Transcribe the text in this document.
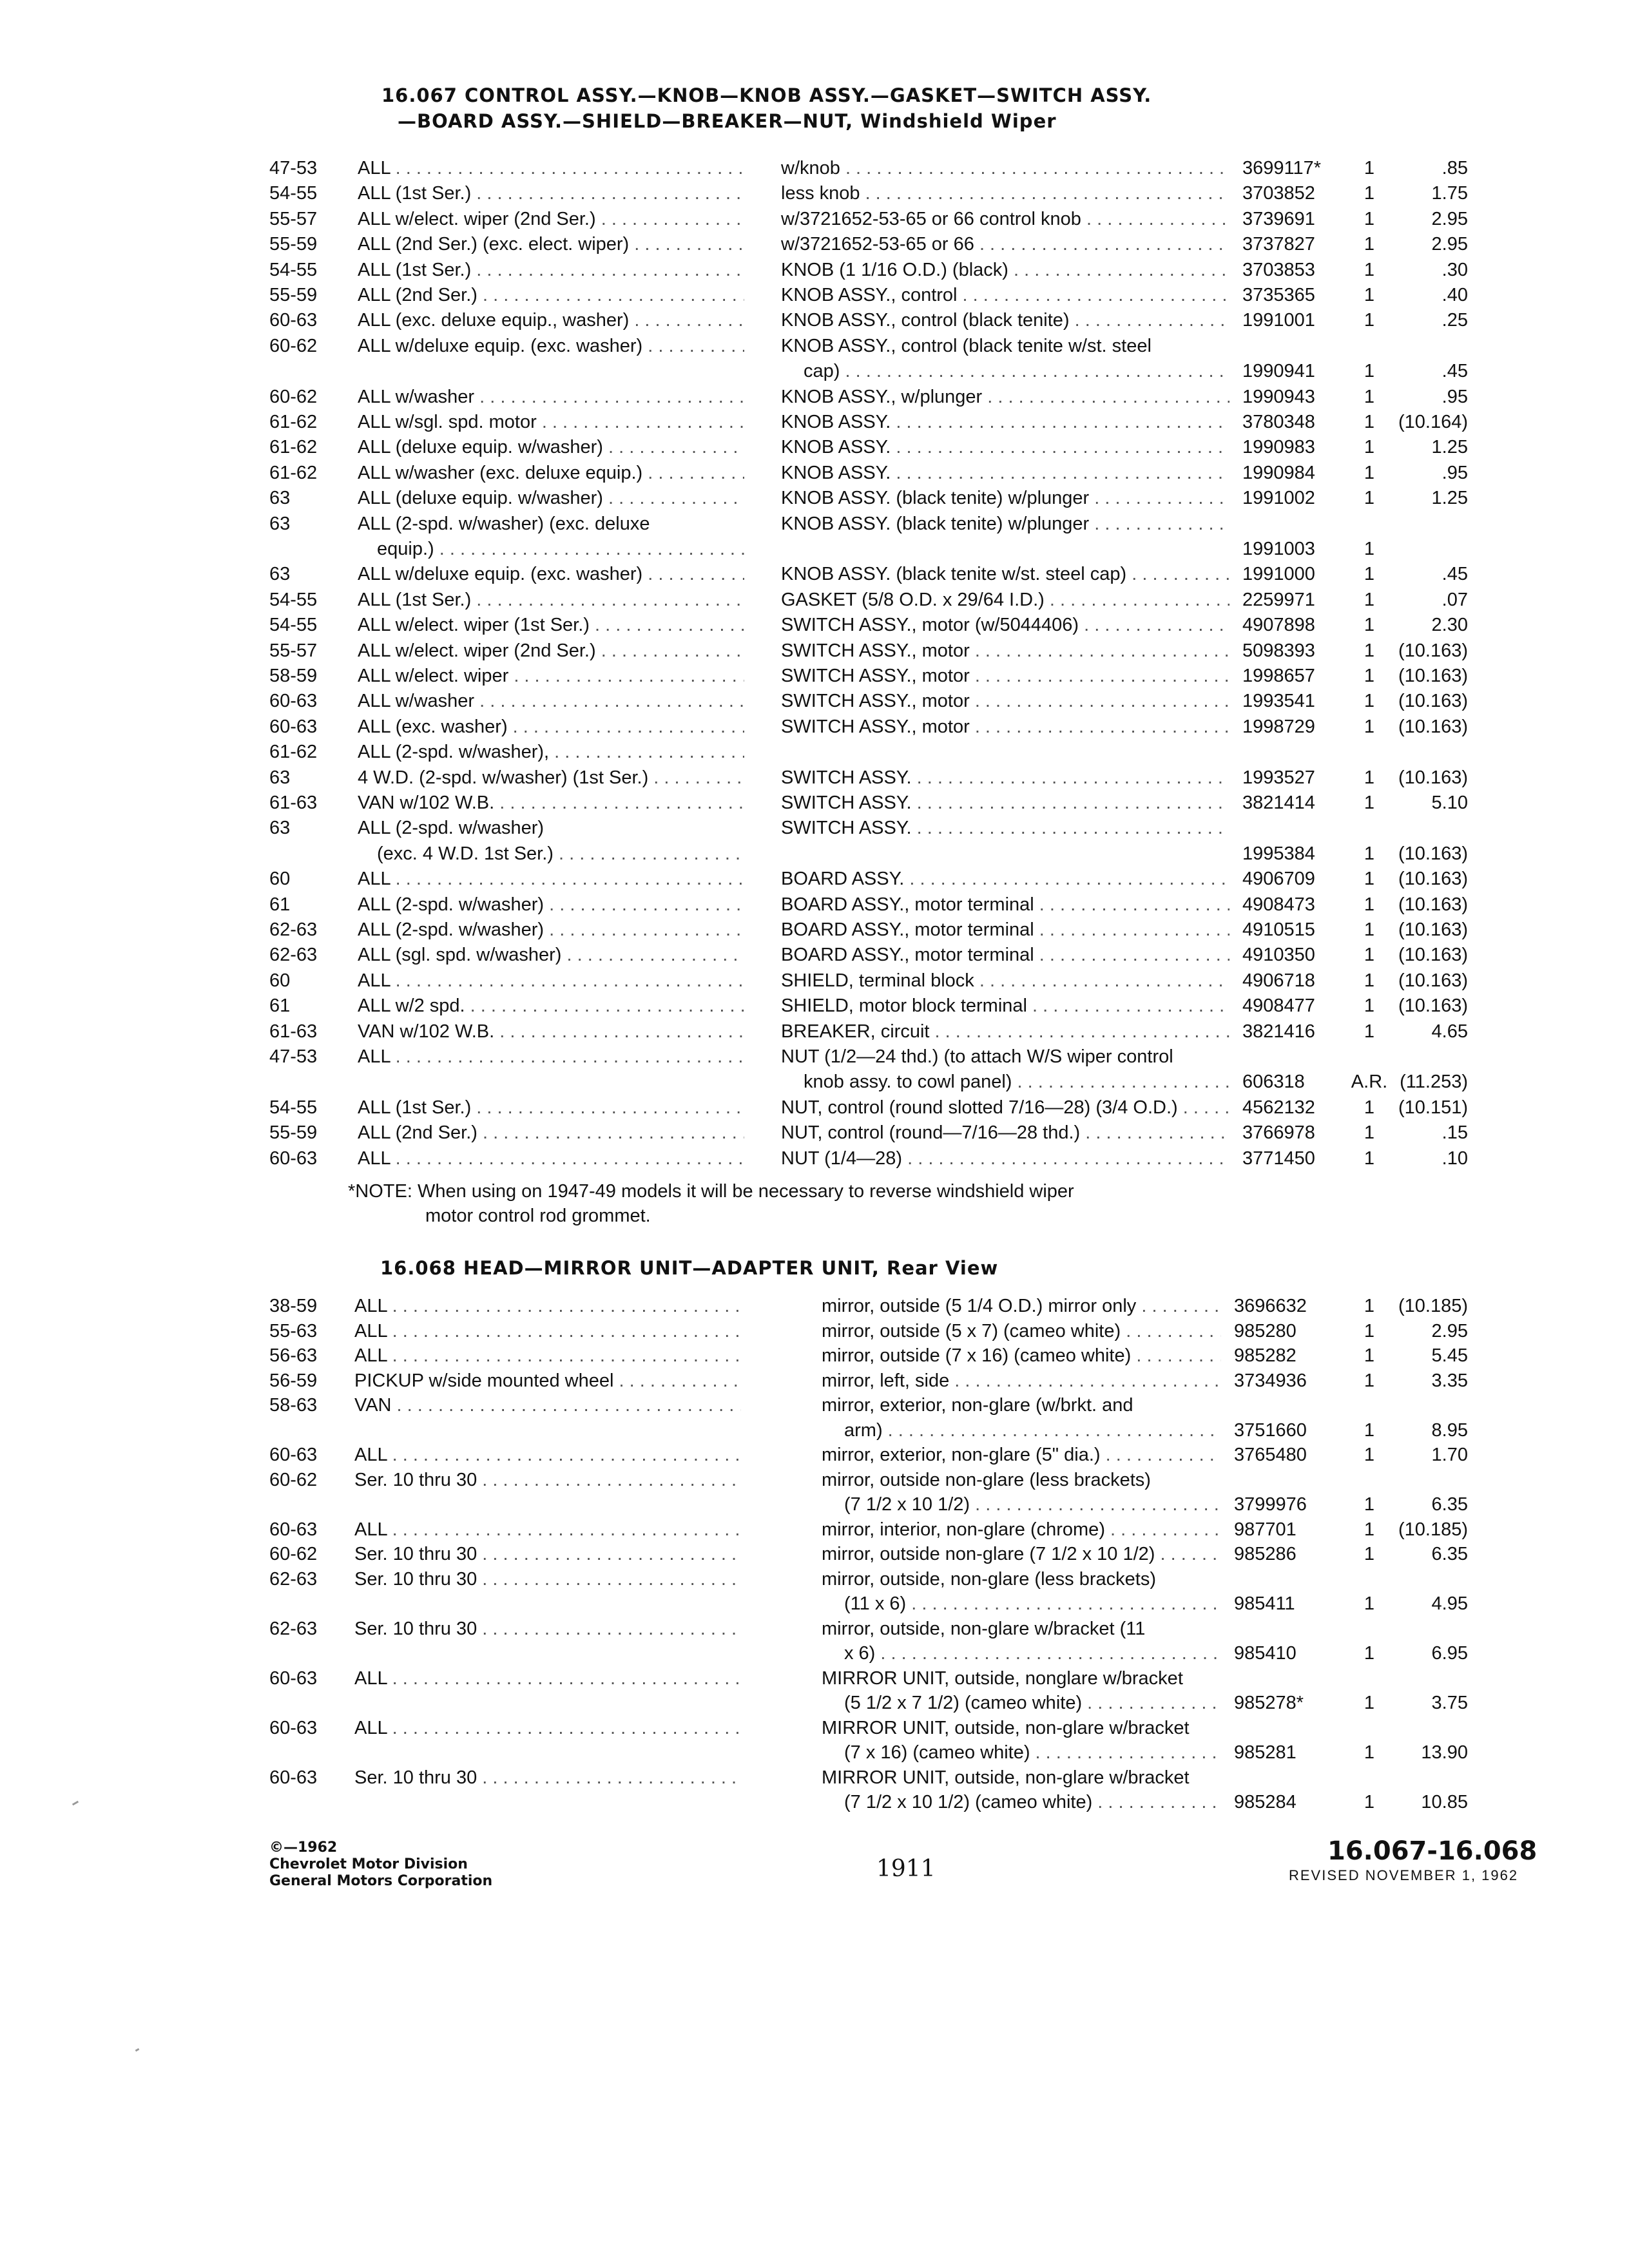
16.067 CONTROL ASSY.—KNOB—KNOB ASSY.—GASKET—SWITCH ASSY.
—BOARD ASSY.—SHIELD—BREAKER—NUT, Windshield Wiper
47-53	ALL . . .	w/knob . . .	3699117*	1	.85
54-55	ALL (1st Ser.) . . .	less knob . . .	3703852	1	1.75
55-57	ALL w/elect. wiper (2nd Ser.) . . .	w/3721652-53-65 or 66 control knob . . .	3739691	1	2.95
55-59	ALL (2nd Ser.) (exc. elect. wiper) . . .	w/3721652-53-65 or 66 . . .	3737827	1	2.95
54-55	ALL (1st Ser.) . . .	KNOB (1 1/16 O.D.) (black) . . .	3703853	1	.30
55-59	ALL (2nd Ser.) . . .	KNOB ASSY., control . . .	3735365	1	.40
60-63	ALL (exc. deluxe equip., washer) . . .	KNOB ASSY., control (black tenite) . . .	1991001	1	.25
60-62	ALL w/deluxe equip. (exc. washer) . . .	KNOB ASSY., control (black tenite w/st. steel
cap) . . .	1990941	1	.45
60-62	ALL w/washer . . .	KNOB ASSY., w/plunger . . .	1990943	1	.95
61-62	ALL w/sgl. spd. motor . . .	KNOB ASSY. . . .	3780348	1	(10.164)
61-62	ALL (deluxe equip. w/washer) . . .	KNOB ASSY. . . .	1990983	1	1.25
61-62	ALL w/washer (exc. deluxe equip.) . . .	KNOB ASSY. . . .	1990984	1	.95
63	ALL (deluxe equip. w/washer) . . .	KNOB ASSY. (black tenite) w/plunger . . .	1991002	1	1.25
63	ALL (2-spd. w/washer) (exc. deluxe	KNOB ASSY. (black tenite) w/plunger . . .
equip.) . . .	1991003	1
63	ALL w/deluxe equip. (exc. washer) . . .	KNOB ASSY. (black tenite w/st. steel cap) . . .	1991000	1	.45
54-55	ALL (1st Ser.) . . .	GASKET (5/8 O.D. x 29/64 I.D.) . . .	2259971	1	.07
54-55	ALL w/elect. wiper (1st Ser.) . . .	SWITCH ASSY., motor (w/5044406) . . .	4907898	1	2.30
55-57	ALL w/elect. wiper (2nd Ser.) . . .	SWITCH ASSY., motor . . .	5098393	1	(10.163)
58-59	ALL w/elect. wiper . . .	SWITCH ASSY., motor . . .	1998657	1	(10.163)
60-63	ALL w/washer . . .	SWITCH ASSY., motor . . .	1993541	1	(10.163)
60-63	ALL (exc. washer) . . .	SWITCH ASSY., motor . . .	1998729	1	(10.163)
61-62	ALL (2-spd. w/washer), . . .
63	4 W.D. (2-spd. w/washer) (1st Ser.) . . .	SWITCH ASSY. . . .	1993527	1	(10.163)
61-63	VAN w/102 W.B. . . .	SWITCH ASSY. . . .	3821414	1	5.10
63	ALL (2-spd. w/washer)	SWITCH ASSY. . . .
(exc. 4 W.D. 1st Ser.) . . .	1995384	1	(10.163)
60	ALL . . .	BOARD ASSY. . . .	4906709	1	(10.163)
61	ALL (2-spd. w/washer) . . .	BOARD ASSY., motor terminal . . .	4908473	1	(10.163)
62-63	ALL (2-spd. w/washer) . . .	BOARD ASSY., motor terminal . . .	4910515	1	(10.163)
62-63	ALL (sgl. spd. w/washer) . . .	BOARD ASSY., motor terminal . . .	4910350	1	(10.163)
60	ALL . . .	SHIELD, terminal block . . .	4906718	1	(10.163)
61	ALL w/2 spd. . . .	SHIELD, motor block terminal . . .	4908477	1	(10.163)
61-63	VAN w/102 W.B. . . .	BREAKER, circuit . . .	3821416	1	4.65
47-53	ALL . . .	NUT (1/2—24 thd.) (to attach W/S wiper control
knob assy. to cowl panel) . . .	606318	A.R. (11.253)
54-55	ALL (1st Ser.) . . .	NUT, control (round slotted 7/16—28) (3/4 O.D.) . . .	4562132	1	(10.151)
55-59	ALL (2nd Ser.) . . .	NUT, control (round—7/16—28 thd.) . . .	3766978	1	.15
60-63	ALL . . .	NUT (1/4—28) . . .	3771450	1	.10
*NOTE: When using on 1947-49 models it will be necessary to reverse windshield wiper
motor control rod grommet.
16.068 HEAD—MIRROR UNIT—ADAPTER UNIT, Rear View
38-59	ALL . . .	mirror, outside (5 1/4 O.D.) mirror only . . .	3696632	1	(10.185)
55-63	ALL . . .	mirror, outside (5 x 7) (cameo white) . . .	985280	1	2.95
56-63	ALL . . .	mirror, outside (7 x 16) (cameo white) . . .	985282	1	5.45
56-59	PICKUP w/side mounted wheel . . .	mirror, left, side . . .	3734936	1	3.35
58-63	VAN . . .	mirror, exterior, non-glare (w/brkt. and
arm) . . .	3751660	1	8.95
60-63	ALL . . .	mirror, exterior, non-glare (5" dia.) . . .	3765480	1	1.70
60-62	Ser. 10 thru 30 . . .	mirror, outside non-glare (less brackets)
(7 1/2 x 10 1/2) . . .	3799976	1	6.35
60-63	ALL . . .	mirror, interior, non-glare (chrome) . . .	987701	1	(10.185)
60-62	Ser. 10 thru 30 . . .	mirror, outside non-glare (7 1/2 x 10 1/2) . . .	985286	1	6.35
62-63	Ser. 10 thru 30 . . .	mirror, outside, non-glare (less brackets)
(11 x 6) . . .	985411	1	4.95
62-63	Ser. 10 thru 30 . . .	mirror, outside, non-glare w/bracket (11
x 6) . . .	985410	1	6.95
60-63	ALL . . .	MIRROR UNIT, outside, nonglare w/bracket
(5 1/2 x 7 1/2) (cameo white) . . .	985278*	1	3.75
60-63	ALL . . .	MIRROR UNIT, outside, non-glare w/bracket
(7 x 16) (cameo white) . . .	985281	1	13.90
60-63	Ser. 10 thru 30 . . .	MIRROR UNIT, outside, non-glare w/bracket
(7 1/2 x 10 1/2) (cameo white) . . .	985284	1	10.85
©—1962
Chevrolet Motor Division
General Motors Corporation	1911
16.067-16.068
REVISED NOVEMBER 1, 1962
